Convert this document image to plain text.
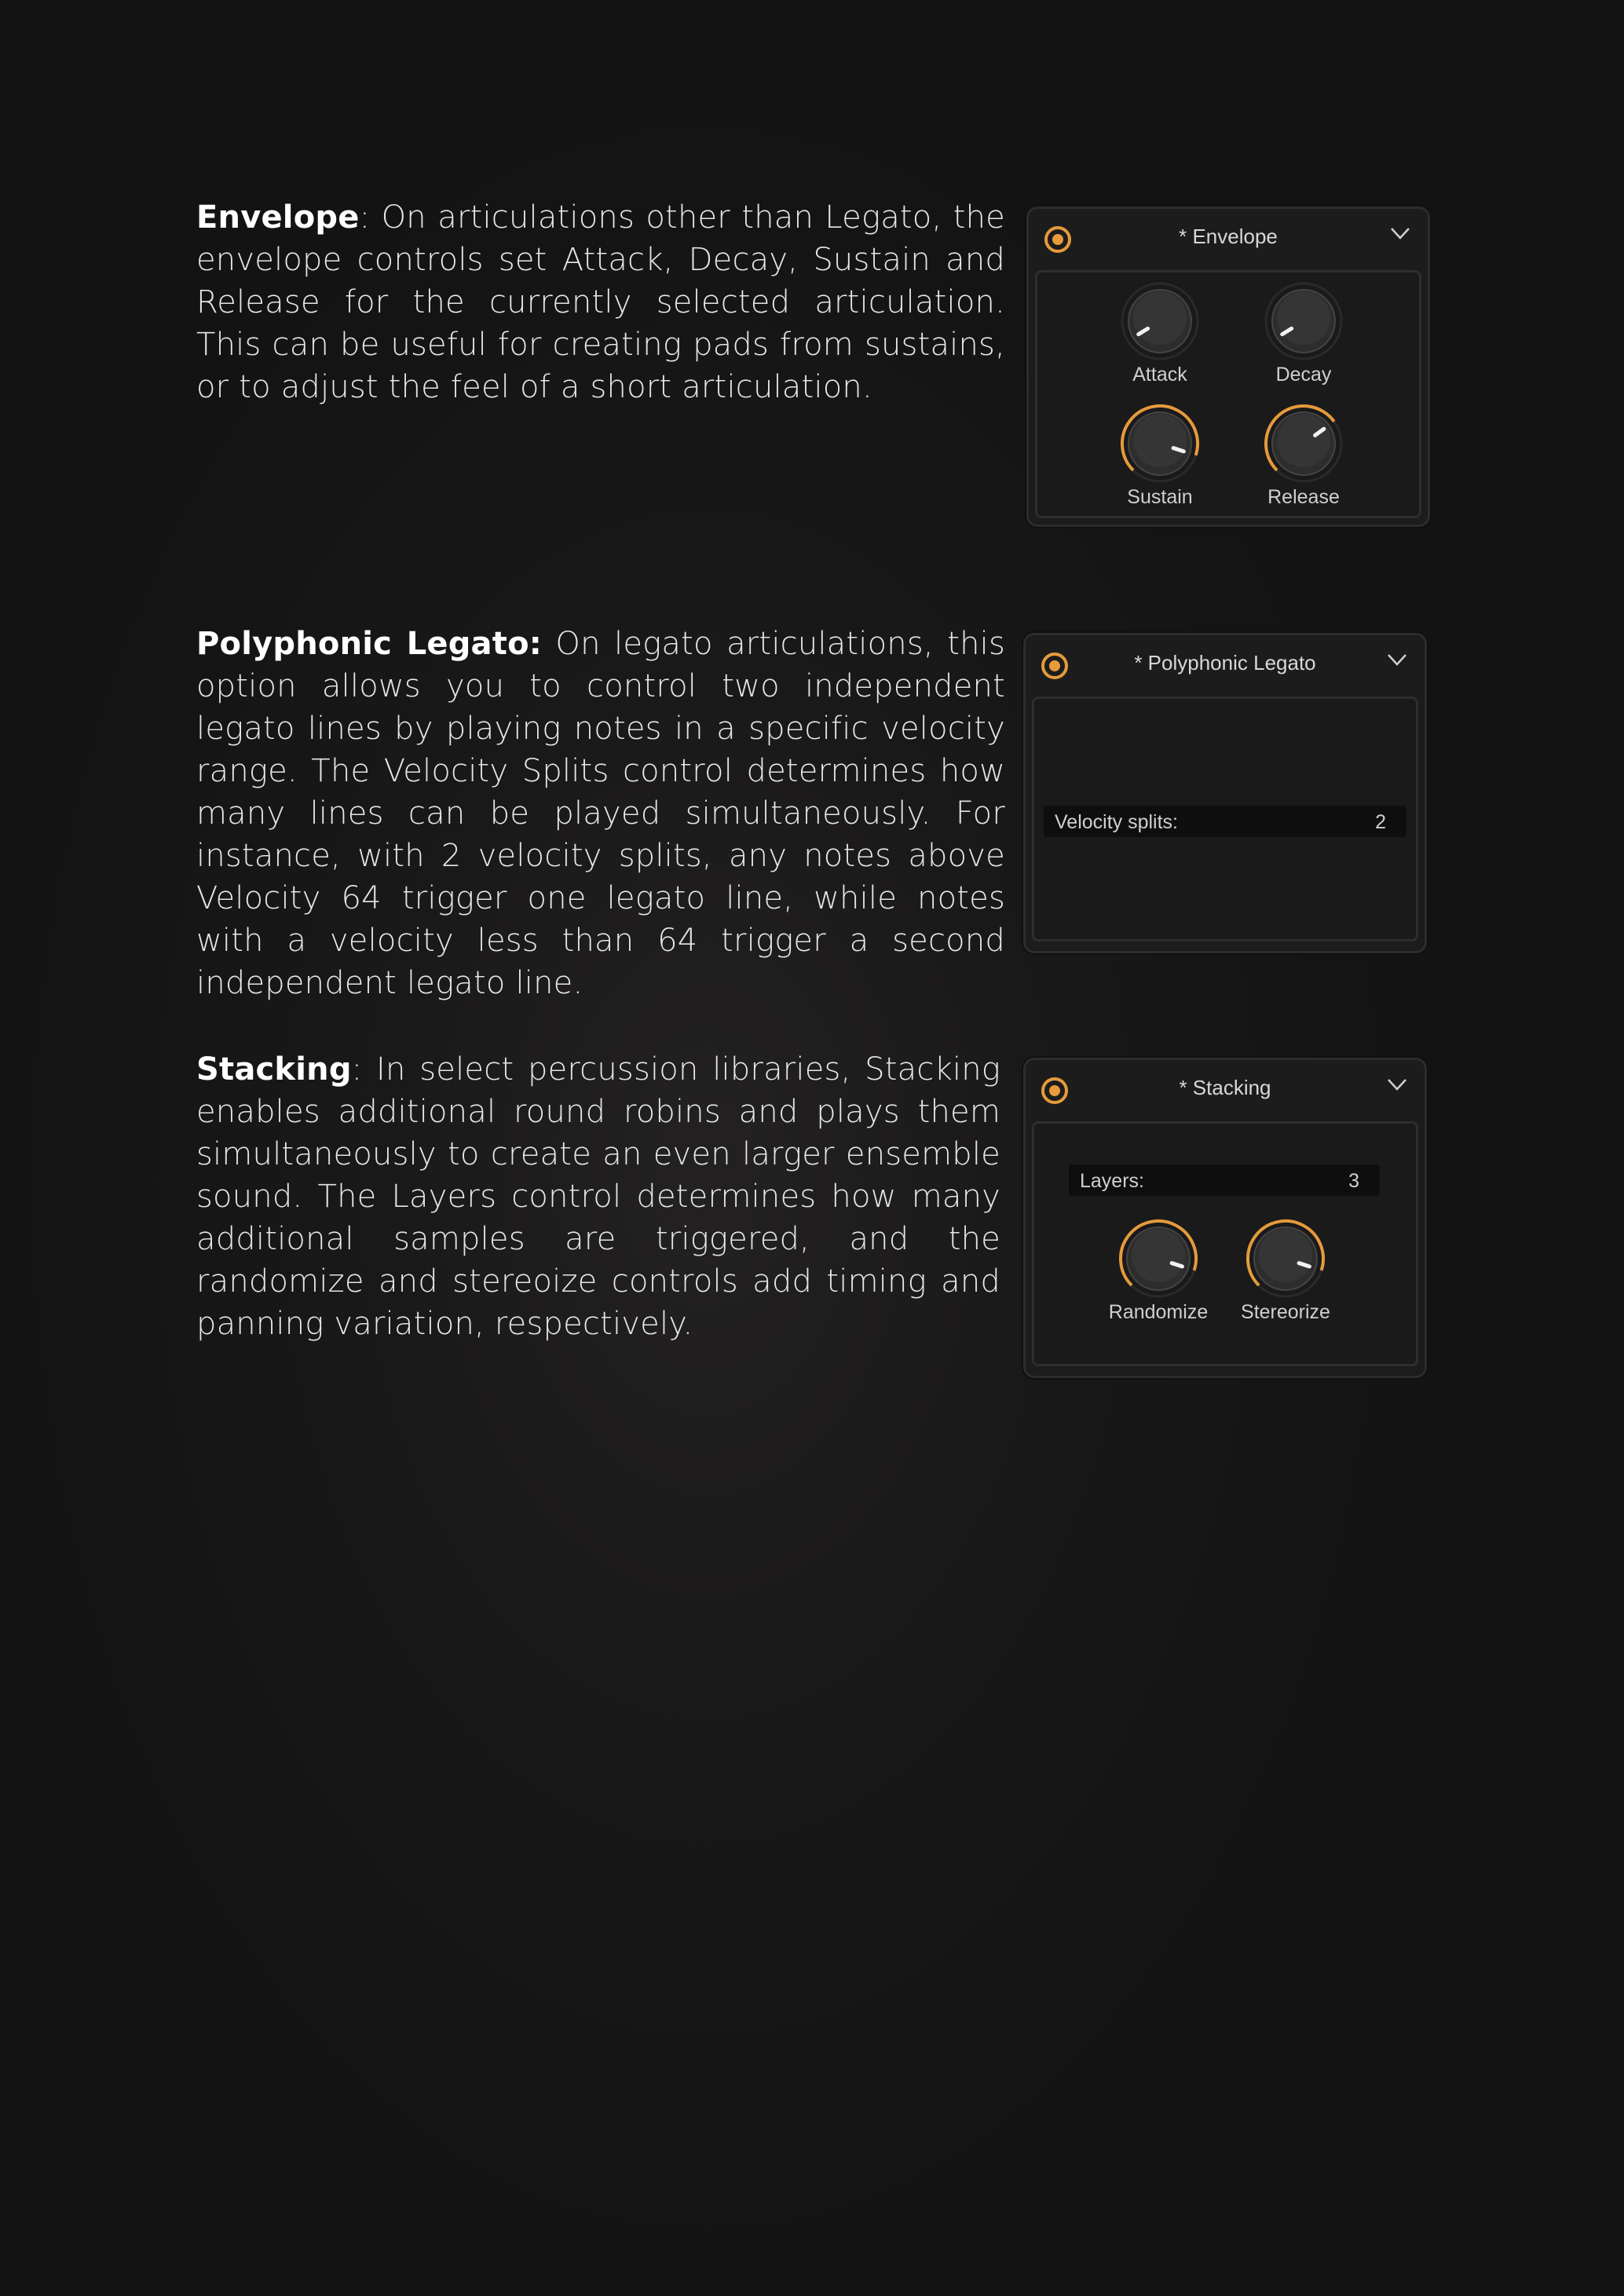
Envelope: On articulations other than Legato, the envelope controls set Attack, Decay, Sustain and Release for the currently selected articulation. This can be useful for creating pads from sustains, or to adjust the feel of a short articulation.
* Envelope
Attack	Decay
Sustain	Release
Polyphonic Legato: On legato articulations, this option allows you to control two independent legato lines by playing notes in a specific velocity range. The Velocity Splits control determines how many lines can be played simultaneously. For instance, with 2 velocity splits, any notes above Velocity 64 trigger one legato line, while notes with a velocity less than 64 trigger a second independent legato line.
* Polyphonic Legato
Velocity splits:	2
Stacking: In select percussion libraries, Stacking enables additional round robins and plays them simultaneously to create an even larger ensemble sound. The Layers control determines how many additional samples are triggered, and the randomize and stereoize controls add timing and panning variation, respectively.
* Stacking
Layers:	3
Randomize	Stereorize
